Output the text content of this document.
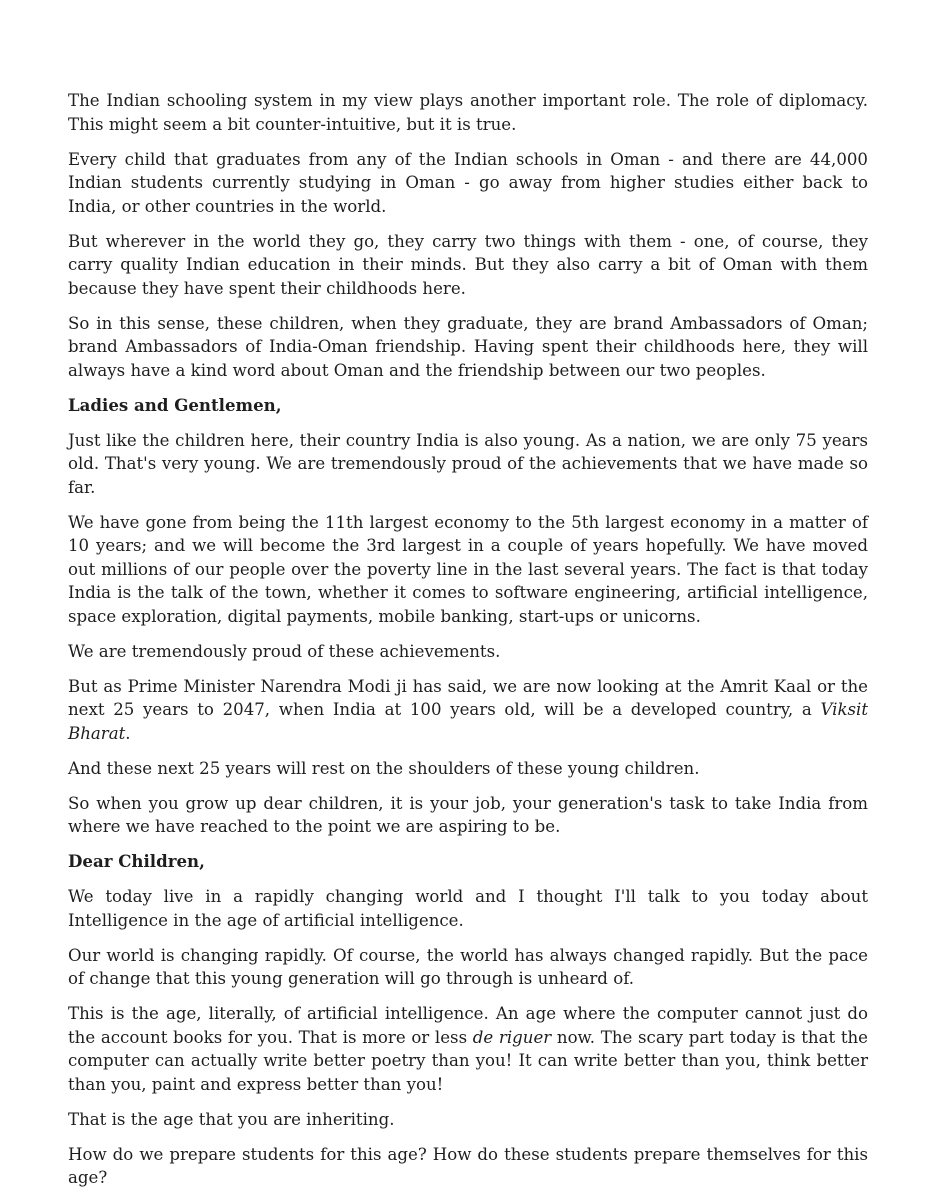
The Indian schooling system in my view plays another important role. The role of diplomacy. This might seem a bit counter-intuitive, but it is true.

Every child that graduates from any of the Indian schools in Oman - and there are 44,000 Indian students currently studying in Oman - go away from higher studies either back to India, or other countries in the world.

But wherever in the world they go, they carry two things with them - one, of course, they carry quality Indian education in their minds. But they also carry a bit of Oman with them because they have spent their childhoods here.

So in this sense, these children, when they graduate, they are brand Ambassadors of Oman; brand Ambassadors of India-Oman friendship. Having spent their childhoods here, they will always have a kind word about Oman and the friendship between our two peoples.

Ladies and Gentlemen,

Just like the children here, their country India is also young. As a nation, we are only 75 years old. That's very young. We are tremendously proud of the achievements that we have made so far.

We have gone from being the 11th largest economy to the 5th largest economy in a matter of 10 years; and we will become the 3rd largest in a couple of years hopefully. We have moved out millions of our people over the poverty line in the last several years. The fact is that today India is the talk of the town, whether it comes to software engineering, artificial intelligence, space exploration, digital payments, mobile banking, start-ups or unicorns.

We are tremendously proud of these achievements.

But as Prime Minister Narendra Modi ji has said, we are now looking at the Amrit Kaal or the next 25 years to 2047, when India at 100 years old, will be a developed country, a Viksit Bharat.

And these next 25 years will rest on the shoulders of these young children.

So when you grow up dear children, it is your job, your generation's task to take India from where we have reached to the point we are aspiring to be.

Dear Children,

We today live in a rapidly changing world and I thought I'll talk to you today about Intelligence in the age of artificial intelligence.

Our world is changing rapidly. Of course, the world has always changed rapidly. But the pace of change that this young generation will go through is unheard of.

This is the age, literally, of artificial intelligence. An age where the computer cannot just do the account books for you. That is more or less de riguer now. The scary part today is that the computer can actually write better poetry than you! It can write better than you, think better than you, paint and express better than you!

That is the age that you are inheriting.

How do we prepare students for this age? How do these students prepare themselves for this age?
